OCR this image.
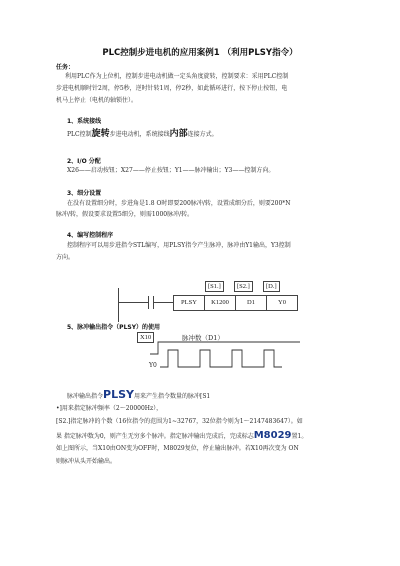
PLC控制步进电机的应用案例1 （利用PLSY指令）
任务：
利用PLC作为上位机，控制步进电动机做一定头角度旋转，控制要求：采用PLC控制
步进电机顺时针2周，停5秒，逆时针转1周，停2秒，如此循环进行，按下停止按钮，电
机马上停止（电机的轴锁住）。
1、系统接线
PLC控制旋转步进电动机，系统接线内部连接方式。
2、I/O 分配
X26——启动按钮；X27——停止按钮；Y1——脉冲输出；Y3——控制方向。
3、细分设置
在没有设置细分时，步进角是1.8 O时即要200脉冲/转，设置成细分后，则要200*N
脉冲/转，假设要求设置5细分，则需1000脉冲/转。
4、编写控制程序
控制程序可以用步进指令STL编写，用PLSY指令产生脉冲，脉冲由Y1输出，Y3控制
方向。
[S1.]	[S2.]	[D.]
PLSY	K1200	D1	Y0
5、脉冲输出指令（PLSY）的使用
X10	脉冲数（D1）
Y0
脉冲输出指令PLSY用来产生指令数量的脉冲[S1
•]用来指定脉冲频率（2～20000Hz），
[S2.]指定脉冲的个数（16位指令的范围为1~32767，32位指令则为1～2147483647）。如
果 指定脉冲数为0，则产生无穷多个脉冲。指定脉冲输出完成后，完成标志M8029置1。
如上图所示，当X10由ON变为OFF时，M8029复位，停止输出脉冲。若X10再次变为 ON
则脉冲从头开始输出。
